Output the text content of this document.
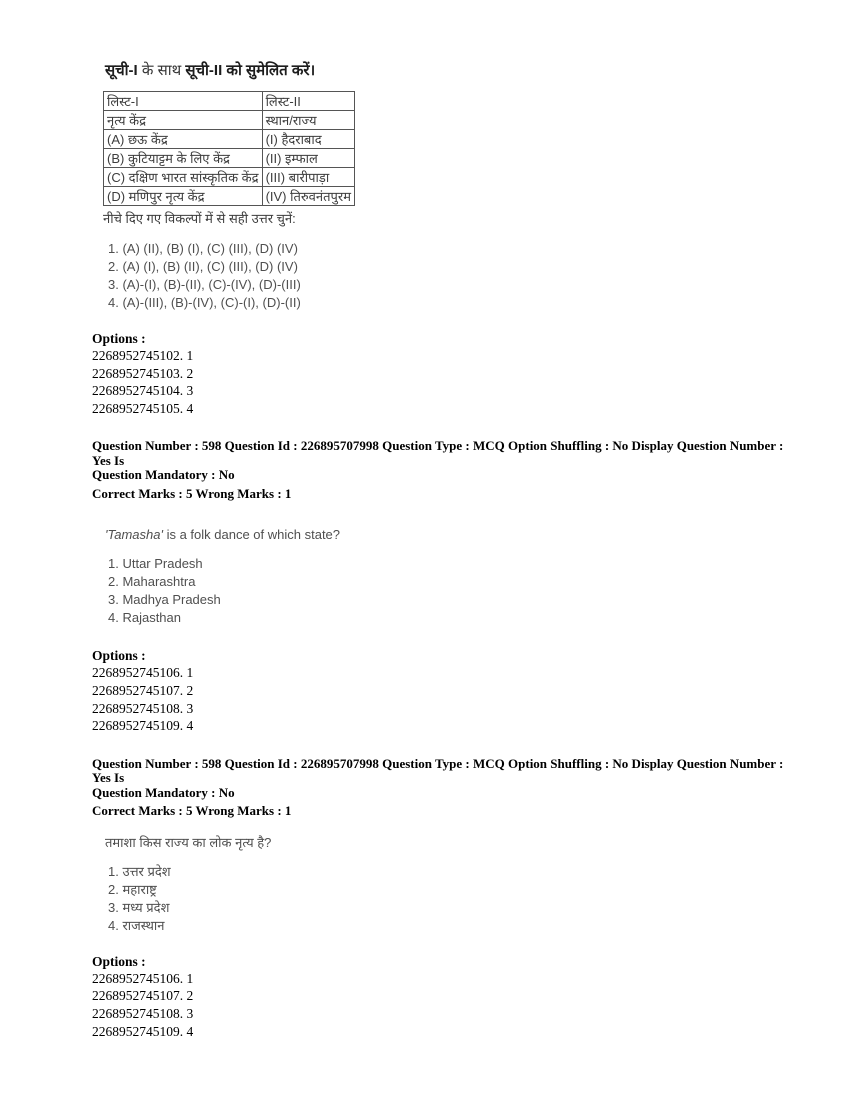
सूची-I के साथ सूची-II को सुमेलित करें।
लिस्ट-I	लिस्ट-II
नृत्य केंद्र	स्थान/राज्य
(A) छऊ केंद्र	(I) हैदराबाद
(B) कुटियाट्टम के लिए केंद्र	(II) इम्फाल
(C) दक्षिण भारत सांस्कृतिक केंद्र	(III) बारीपाड़ा
(D) मणिपुर नृत्य केंद्र	(IV) तिरुवनंतपुरम
नीचे दिए गए विकल्पों में से सही उत्तर चुनें:
1. (A) (II), (B) (I), (C) (III), (D) (IV)
2. (A) (I), (B) (II), (C) (III), (D) (IV)
3. (A)-(I), (B)-(II), (C)-(IV), (D)-(III)
4. (A)-(III), (B)-(IV), (C)-(I), (D)-(II)
Options :
2268952745102. 1
2268952745103. 2
2268952745104. 3
2268952745105. 4
Question Number : 598 Question Id : 226895707998 Question Type : MCQ Option Shuffling : No Display Question Number : Yes Is
Question Mandatory : No
Correct Marks : 5 Wrong Marks : 1
'Tamasha' is a folk dance of which state?
1. Uttar Pradesh
2. Maharashtra
3. Madhya Pradesh
4. Rajasthan
Options :
2268952745106. 1
2268952745107. 2
2268952745108. 3
2268952745109. 4
Question Number : 598 Question Id : 226895707998 Question Type : MCQ Option Shuffling : No Display Question Number : Yes Is
Question Mandatory : No
Correct Marks : 5 Wrong Marks : 1
तमाशा किस राज्य का लोक नृत्य है?
1. उत्तर प्रदेश
2. महाराष्ट्र
3. मध्य प्रदेश
4. राजस्थान
Options :
2268952745106. 1
2268952745107. 2
2268952745108. 3
2268952745109. 4
